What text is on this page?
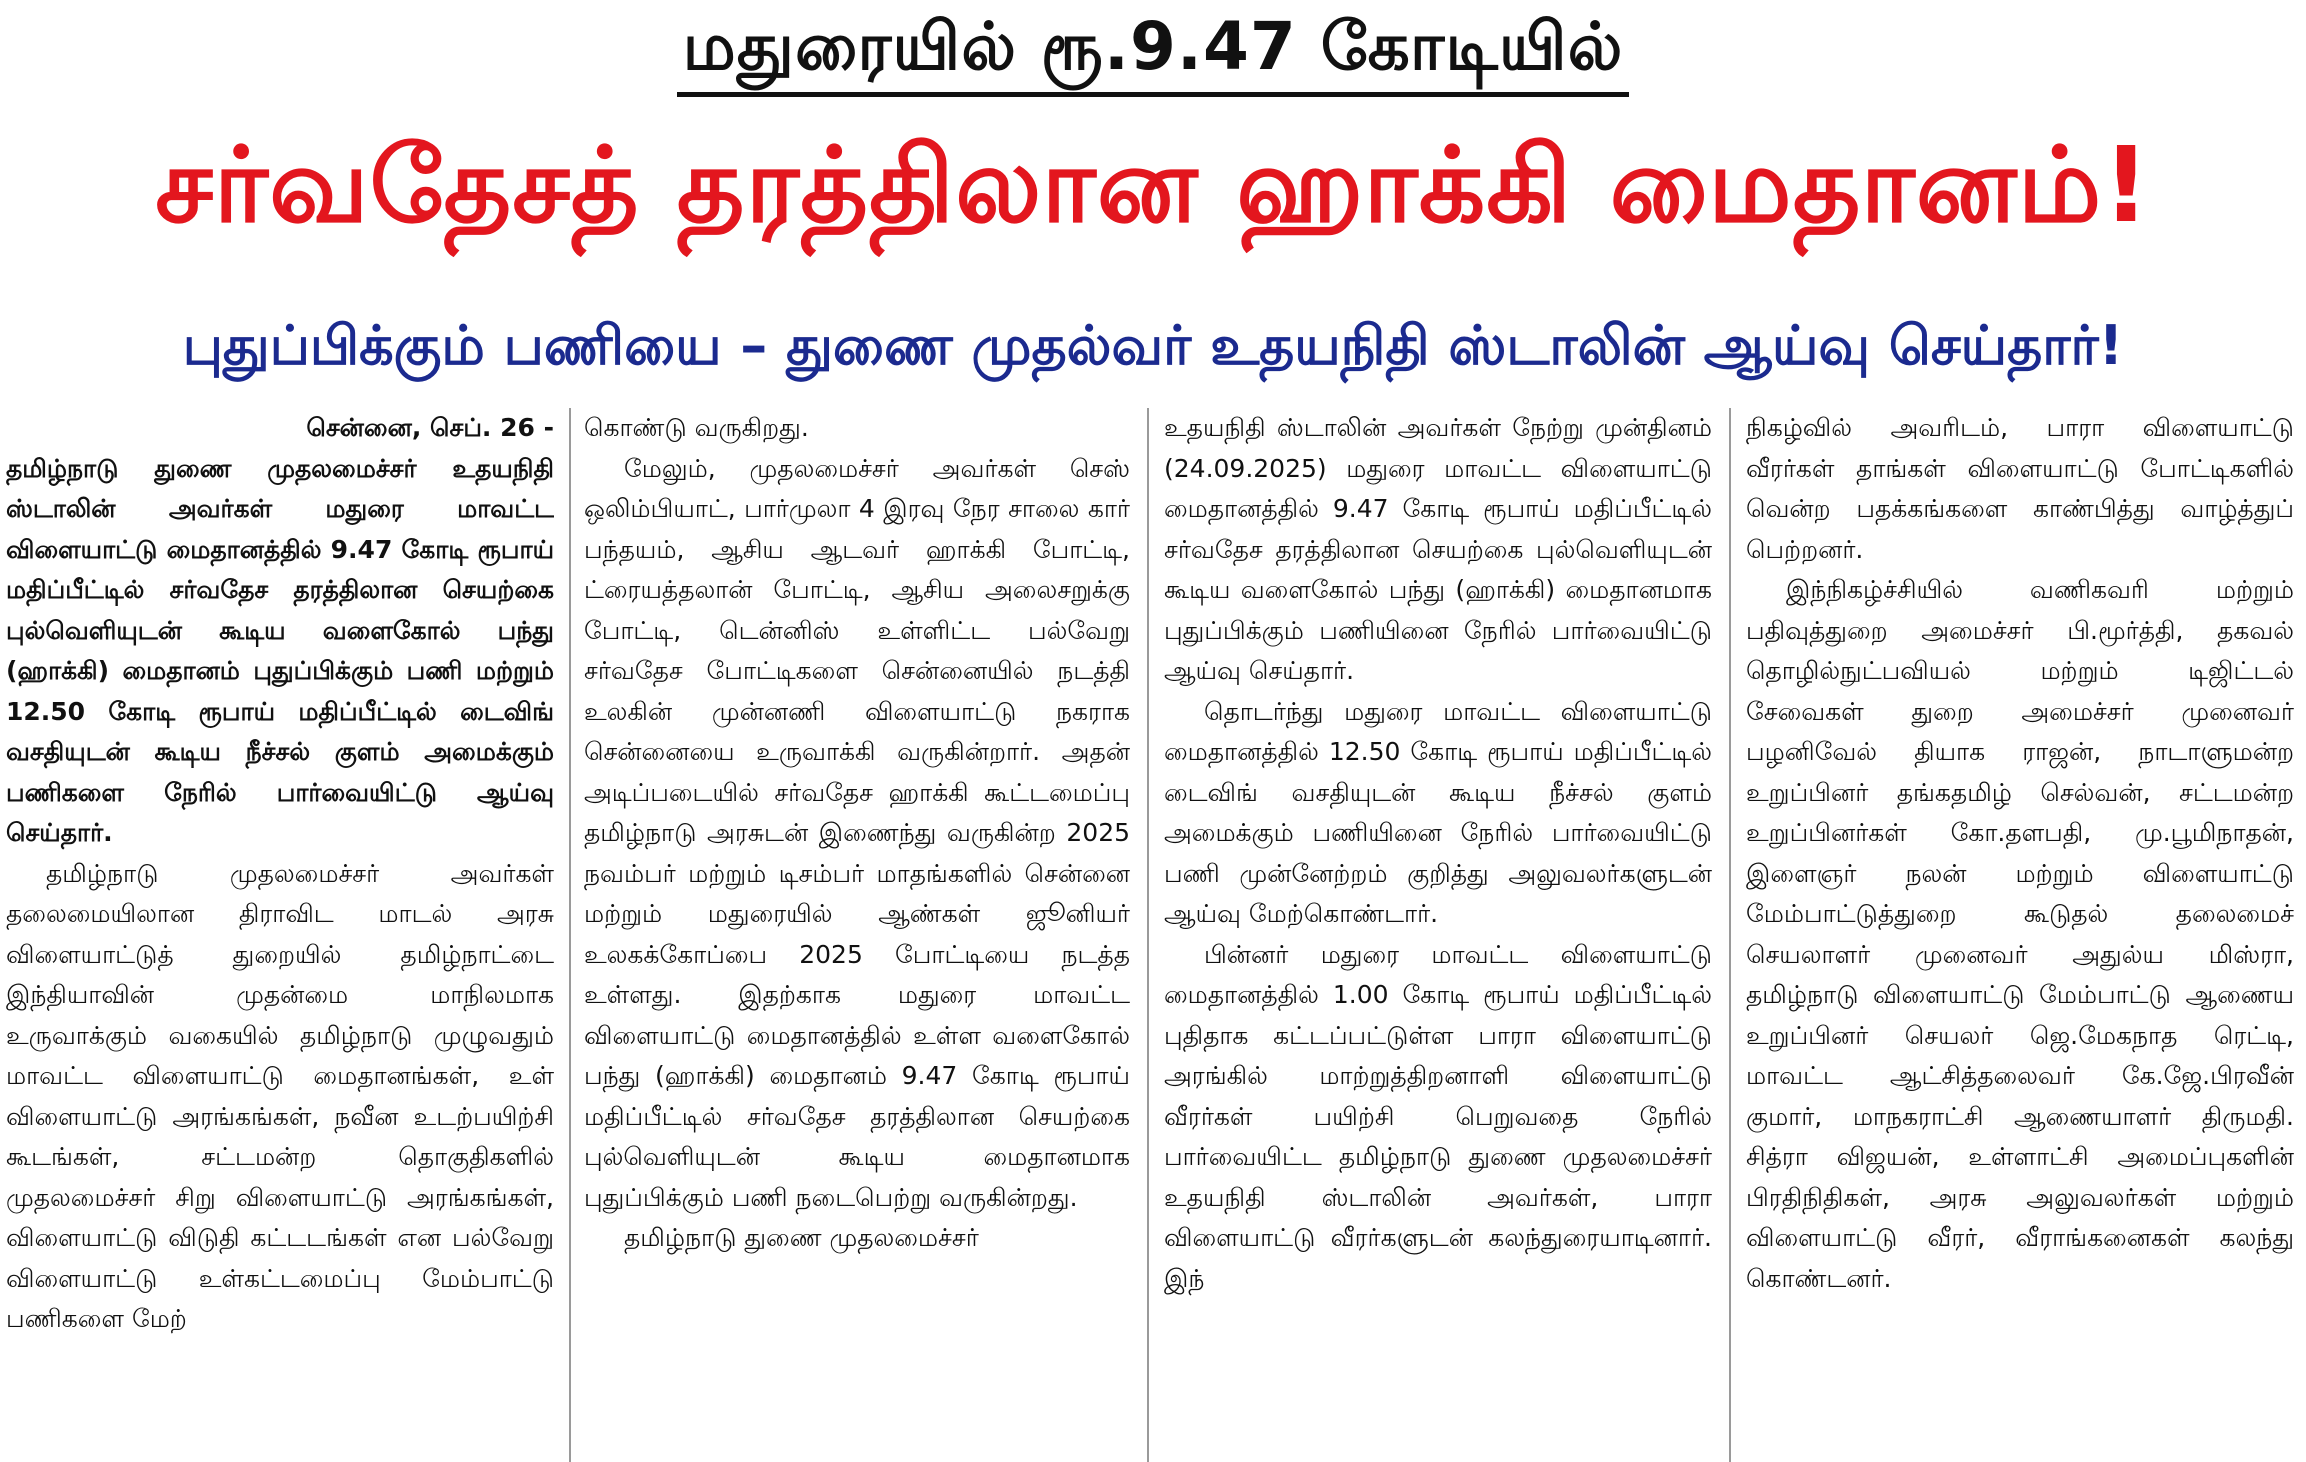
மதுரையில் ரூ.9.47 கோடியில்
சர்வதேசத் தரத்திலான ஹாக்கி மைதானம்!
புதுப்பிக்கும் பணியை – துணை முதல்வர் உதயநிதி ஸ்டாலின் ஆய்வு செய்தார்!

சென்னை, செப். 26 -

தமிழ்நாடு துணை முதலமைச்சர் உதயநிதி ஸ்டாலின் அவர்கள் மதுரை மாவட்ட விளையாட்டு மைதானத்தில் 9.47 கோடி ரூபாய் மதிப்பீட்டில் சர்வதேச தரத்திலான செயற்கை புல்வெளியுடன் கூடிய வளைகோல் பந்து (ஹாக்கி) மைதானம் புதுப்பிக்கும் பணி மற்றும் 12.50 கோடி ரூபாய் மதிப்பீட்டில் டைவிங் வசதியுடன் கூடிய நீச்சல் குளம் அமைக்கும் பணிகளை நேரில் பார்வையிட்டு ஆய்வு செய்தார்.

தமிழ்நாடு முதலமைச்சர் அவர்கள் தலைமையிலான திராவிட மாடல் அரசு விளையாட்டுத் துறையில் தமிழ்நாட்டை இந்தியாவின் முதன்மை மாநிலமாக உருவாக்கும் வகையில் தமிழ்நாடு முழுவதும் மாவட்ட விளையாட்டு மைதானங்கள், உள் விளையாட்டு அரங்கங்கள், நவீன உடற்பயிற்சி கூடங்கள், சட்டமன்ற தொகுதிகளில் முதலமைச்சர் சிறு விளையாட்டு அரங்கங்கள், விளையாட்டு விடுதி கட்டடங்கள் என பல்வேறு விளையாட்டு உள்கட்டமைப்பு மேம்பாட்டு பணிகளை மேற்

கொண்டு வருகிறது.

மேலும், முதலமைச்சர் அவர்கள் செஸ் ஒலிம்பியாட், பார்முலா 4 இரவு நேர சாலை கார் பந்தயம், ஆசிய ஆடவர் ஹாக்கி போட்டி, ட்ரையத்தலான் போட்டி, ஆசிய அலைசறுக்கு போட்டி, டென்னிஸ் உள்ளிட்ட பல்வேறு சர்வதேச போட்டிகளை சென்னையில் நடத்தி உலகின் முன்னணி விளையாட்டு நகராக சென்னையை உருவாக்கி வருகின்றார். அதன் அடிப்படையில் சர்வதேச ஹாக்கி கூட்டமைப்பு தமிழ்நாடு அரசுடன் இணைந்து வருகின்ற 2025 நவம்பர் மற்றும் டிசம்பர் மாதங்களில் சென்னை மற்றும் மதுரையில் ஆண்கள் ஜூனியர் உலகக்கோப்பை 2025 போட்டியை நடத்த உள்ளது. இதற்காக மதுரை மாவட்ட விளையாட்டு மைதானத்தில் உள்ள வளைகோல் பந்து (ஹாக்கி) மைதானம் 9.47 கோடி ரூபாய் மதிப்பீட்டில் சர்வதேச தரத்திலான செயற்கை புல்வெளியுடன் கூடிய மைதானமாக புதுப்பிக்கும் பணி நடைபெற்று வருகின்றது.

தமிழ்நாடு துணை முதலமைச்சர்

உதயநிதி ஸ்டாலின் அவர்கள் நேற்று முன்தினம் (24.09.2025) மதுரை மாவட்ட விளையாட்டு மைதானத்தில் 9.47 கோடி ரூபாய் மதிப்பீட்டில் சர்வதேச தரத்திலான செயற்கை புல்வெளியுடன் கூடிய வளைகோல் பந்து (ஹாக்கி) மைதானமாக புதுப்பிக்கும் பணியினை நேரில் பார்வையிட்டு ஆய்வு செய்தார்.

தொடர்ந்து மதுரை மாவட்ட விளையாட்டு மைதானத்தில் 12.50 கோடி ரூபாய் மதிப்பீட்டில் டைவிங் வசதியுடன் கூடிய நீச்சல் குளம் அமைக்கும் பணியினை நேரில் பார்வையிட்டு பணி முன்னேற்றம் குறித்து அலுவலர்களுடன் ஆய்வு மேற்கொண்டார்.

பின்னர் மதுரை மாவட்ட விளையாட்டு மைதானத்தில் 1.00 கோடி ரூபாய் மதிப்பீட்டில் புதிதாக கட்டப்பட்டுள்ள பாரா விளையாட்டு அரங்கில் மாற்றுத்திறனாளி விளையாட்டு வீரர்கள் பயிற்சி பெறுவதை நேரில் பார்வையிட்ட தமிழ்நாடு துணை முதலமைச்சர் உதயநிதி ஸ்டாலின் அவர்கள், பாரா விளையாட்டு வீரர்களுடன் கலந்துரையாடினார். இந்

நிகழ்வில் அவரிடம், பாரா விளையாட்டு வீரர்கள் தாங்கள் விளையாட்டு போட்டிகளில் வென்ற பதக்கங்களை காண்பித்து வாழ்த்துப் பெற்றனர்.

இந்நிகழ்ச்சியில் வணிகவரி மற்றும் பதிவுத்துறை அமைச்சர் பி.மூர்த்தி, தகவல் தொழில்நுட்பவியல் மற்றும் டிஜிட்டல் சேவைகள் துறை அமைச்சர் முனைவர் பழனிவேல் தியாக ராஜன், நாடாளுமன்ற உறுப்பினர் தங்கதமிழ் செல்வன், சட்டமன்ற உறுப்பினர்கள் கோ.தளபதி, மு.பூமிநாதன், இளைஞர் நலன் மற்றும் விளையாட்டு மேம்பாட்டுத்துறை கூடுதல் தலைமைச் செயலாளர் முனைவர் அதுல்ய மிஸ்ரா, தமிழ்நாடு விளையாட்டு மேம்பாட்டு ஆணைய உறுப்பினர் செயலர் ஜெ.மேகநாத ரெட்டி, மாவட்ட ஆட்சித்தலைவர் கே.ஜே.பிரவீன் குமார், மாநகராட்சி ஆணையாளர் திருமதி. சித்ரா விஜயன், உள்ளாட்சி அமைப்புகளின் பிரதிநிதிகள், அரசு அலுவலர்கள் மற்றும் விளையாட்டு வீரர், வீராங்கனைகள் கலந்து கொண்டனர்.
